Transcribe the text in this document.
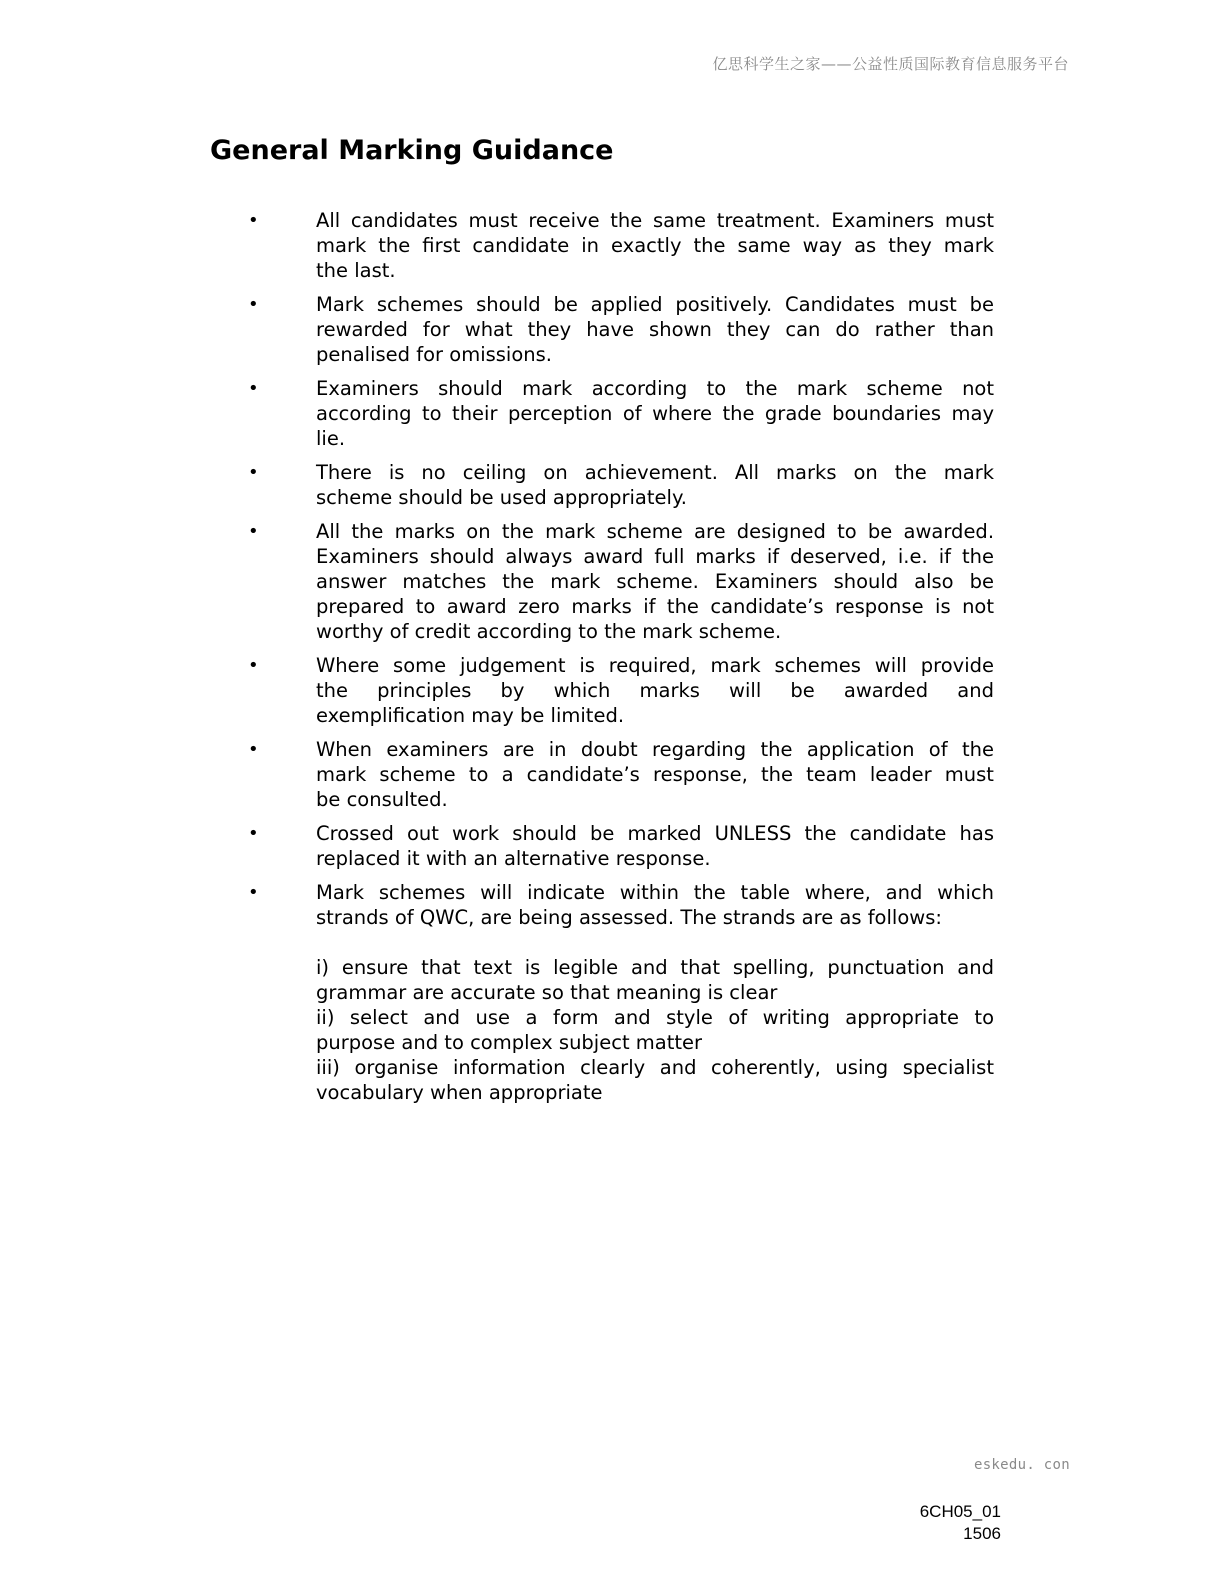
亿思科学生之家——公益性质国际教育信息服务平台
General Marking Guidance
•	All candidates must receive the same treatment. Examiners must
mark the first candidate in exactly the same way as they mark
the last.
•	Mark schemes should be applied positively. Candidates must be
rewarded for what they have shown they can do rather than
penalised for omissions.
•	Examiners should mark according to the mark scheme not
according to their perception of where the grade boundaries may
lie.
•	There is no ceiling on achievement. All marks on the mark
scheme should be used appropriately.
•	All the marks on the mark scheme are designed to be awarded.
Examiners should always award full marks if deserved, i.e. if the
answer matches the mark scheme. Examiners should also be
prepared to award zero marks if the candidate’s response is not
worthy of credit according to the mark scheme.
•	Where some judgement is required, mark schemes will provide
the principles by which marks will be awarded and
exemplification may be limited.
•	When examiners are in doubt regarding the application of the
mark scheme to a candidate’s response, the team leader must
be consulted.
•	Crossed out work should be marked UNLESS the candidate has
replaced it with an alternative response.
•	Mark schemes will indicate within the table where, and which
strands of QWC, are being assessed. The strands are as follows:
i) ensure that text is legible and that spelling, punctuation and
grammar are accurate so that meaning is clear
ii) select and use a form and style of writing appropriate to
purpose and to complex subject matter
iii) organise information clearly and coherently, using specialist
vocabulary when appropriate
eskedu. con
6CH05_01
1506
